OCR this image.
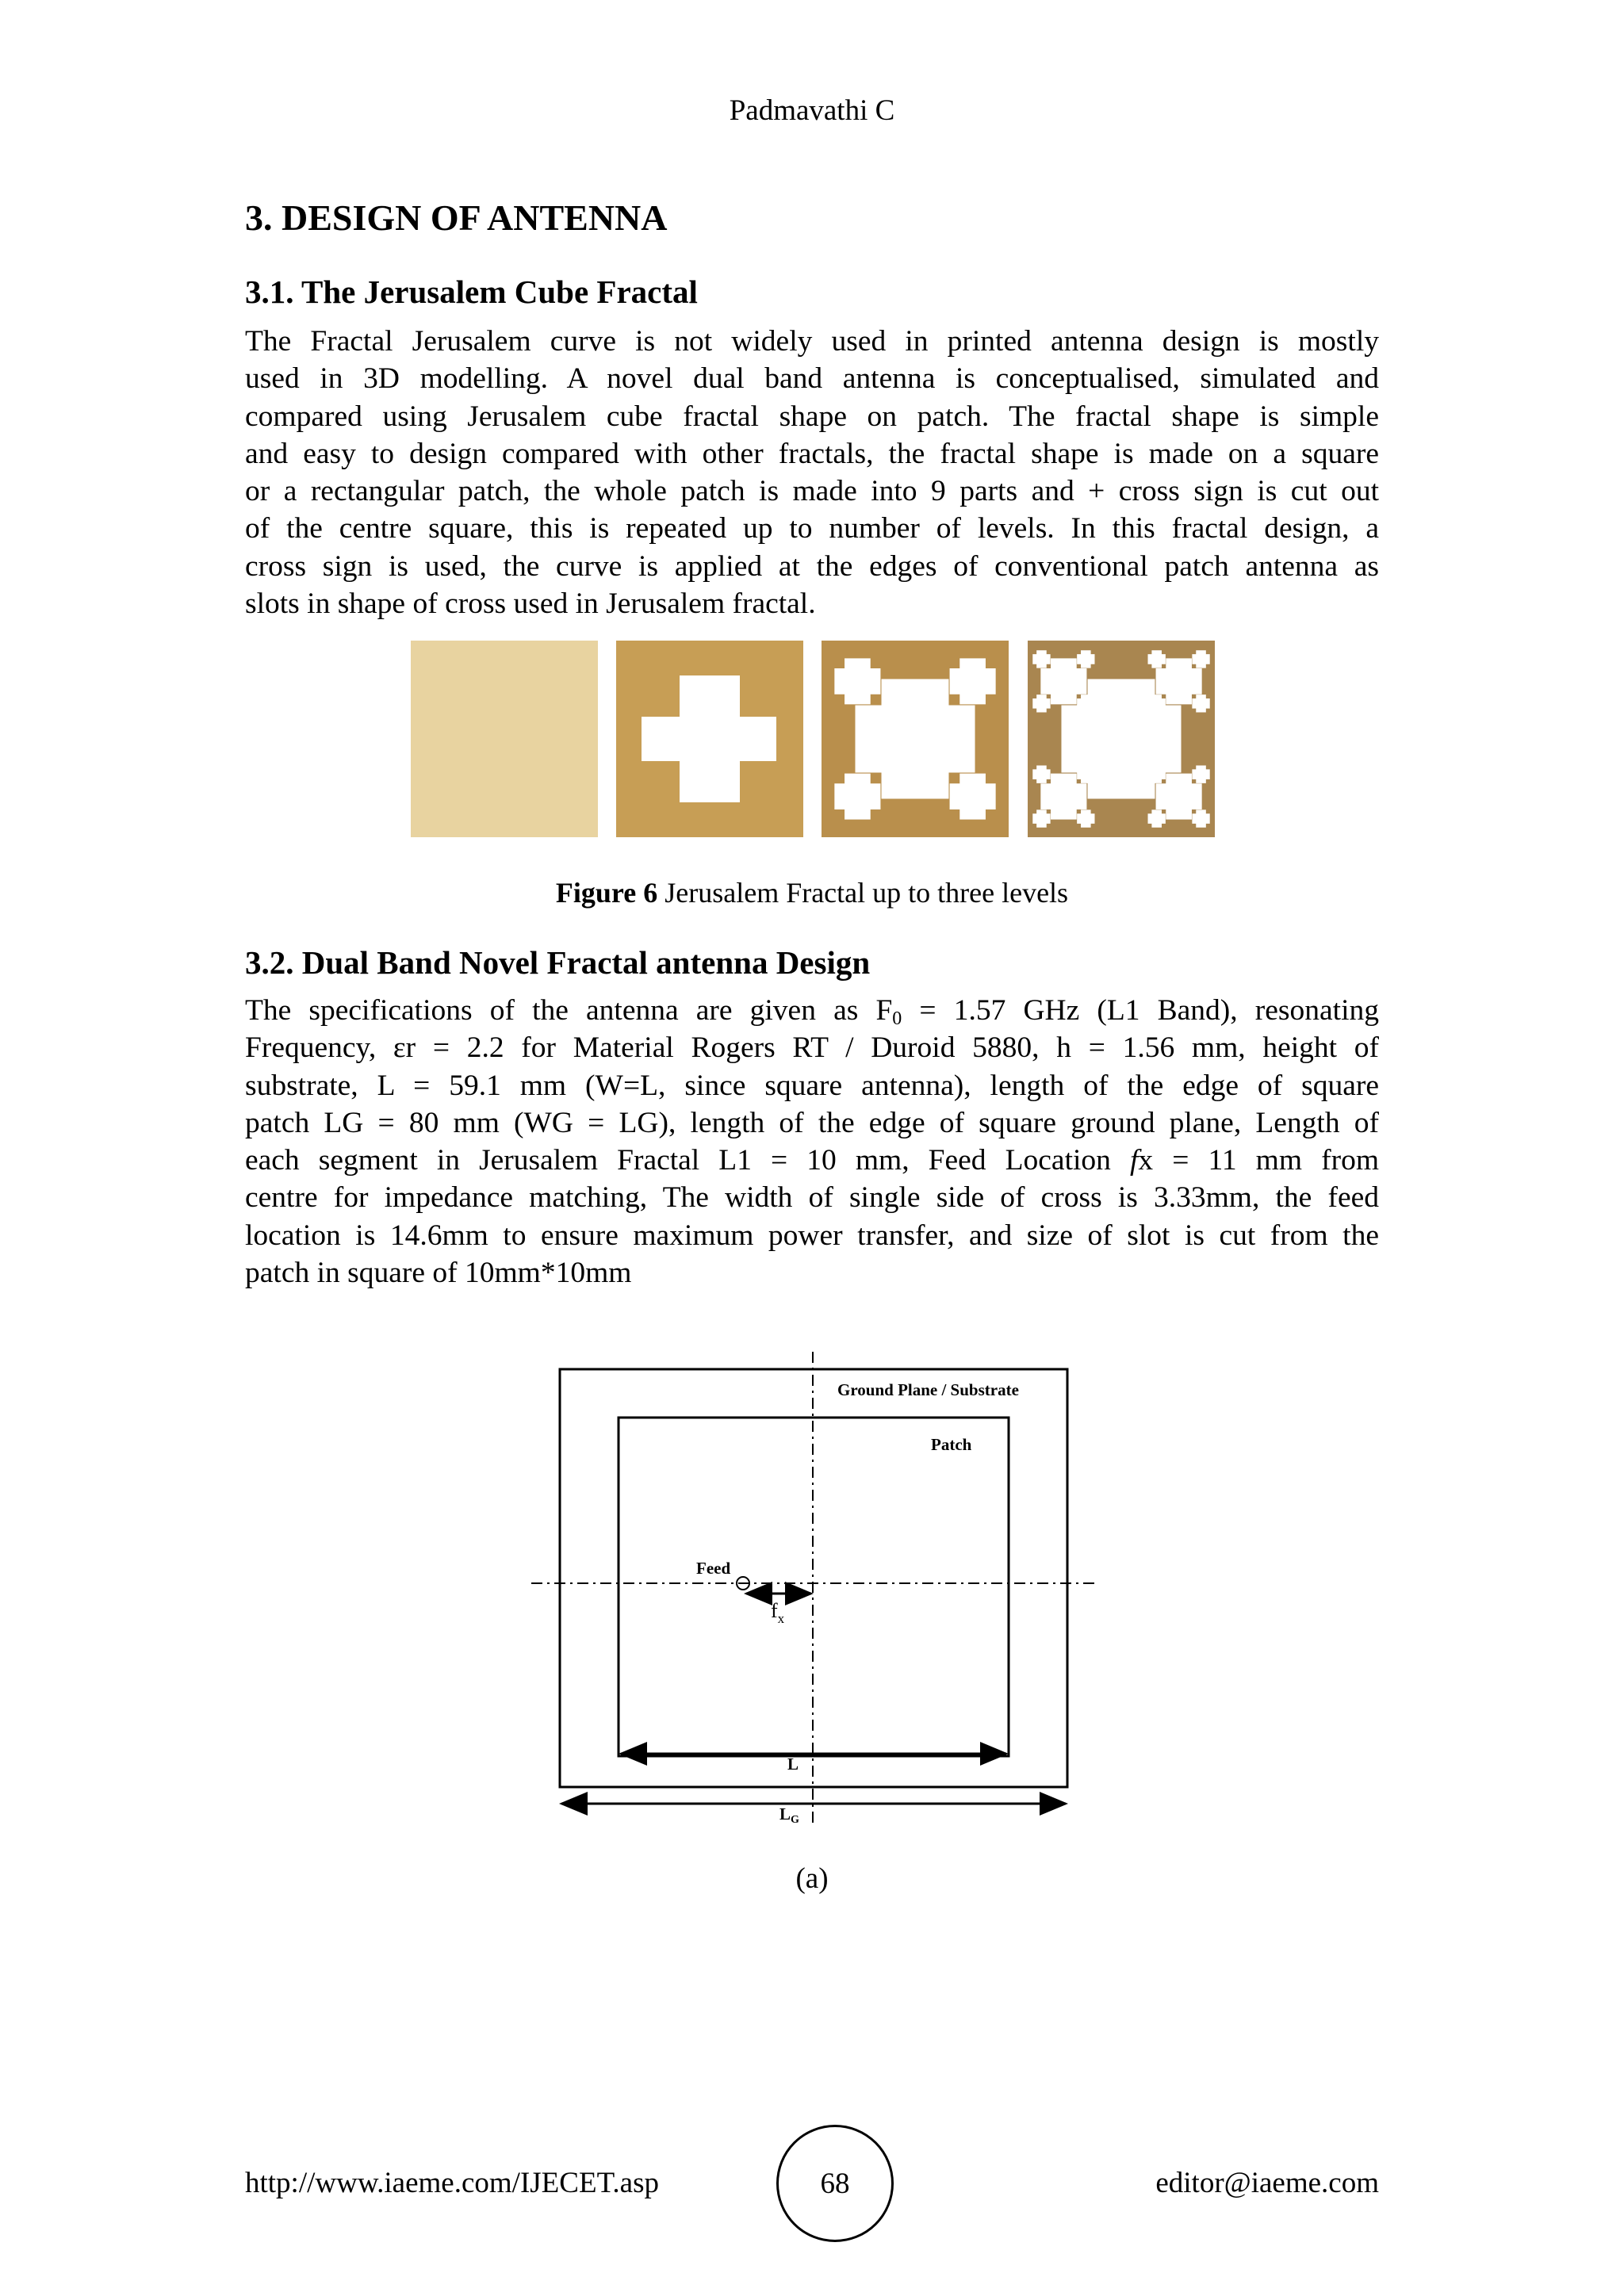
Padmavathi C
3. DESIGN OF ANTENNA
3.1. The Jerusalem Cube Fractal

The Fractal Jerusalem curve is not widely used in printed antenna design is mostly
used in 3D modelling. A novel dual band antenna is conceptualised, simulated and
compared using Jerusalem cube fractal shape on patch. The fractal shape is simple
and easy to design compared with other fractals, the fractal shape is made on a square
or a rectangular patch, the whole patch is made into 9 parts and + cross sign is cut out
of the centre square, this is repeated up to number of levels. In this fractal design, a
cross sign is used, the curve is applied at the edges of conventional patch antenna as
slots in shape of cross used in Jerusalem fractal.

Figure 6 Jerusalem Fractal up to three levels
3.2. Dual Band Novel Fractal antenna Design

The specifications of the antenna are given as $F_0 = 1.57$ GHz (L1 Band), resonating
Frequency, εr = 2.2 for Material Rogers RT / Duroid 5880, h = 1.56 mm, height of
substrate, L = 59.1 mm (W=L, since square antenna), length of the edge of square
patch LG = 80 mm (WG = LG), length of the edge of square ground plane, Length of
each segment in Jerusalem Fractal L1 = 10 mm, Feed Location fx = 11 mm from
centre for impedance matching, The width of single side of cross is 3.33mm, the feed
location is 14.6mm to ensure maximum power transfer, and size of slot is cut from the
patch in square of 10mm*10mm

Ground Plane / Substrate
Patch
Feed
$f_x$
L
LG
(a)
http://www.iaeme.com/IJECET.asp	68	editor@iaeme.com
